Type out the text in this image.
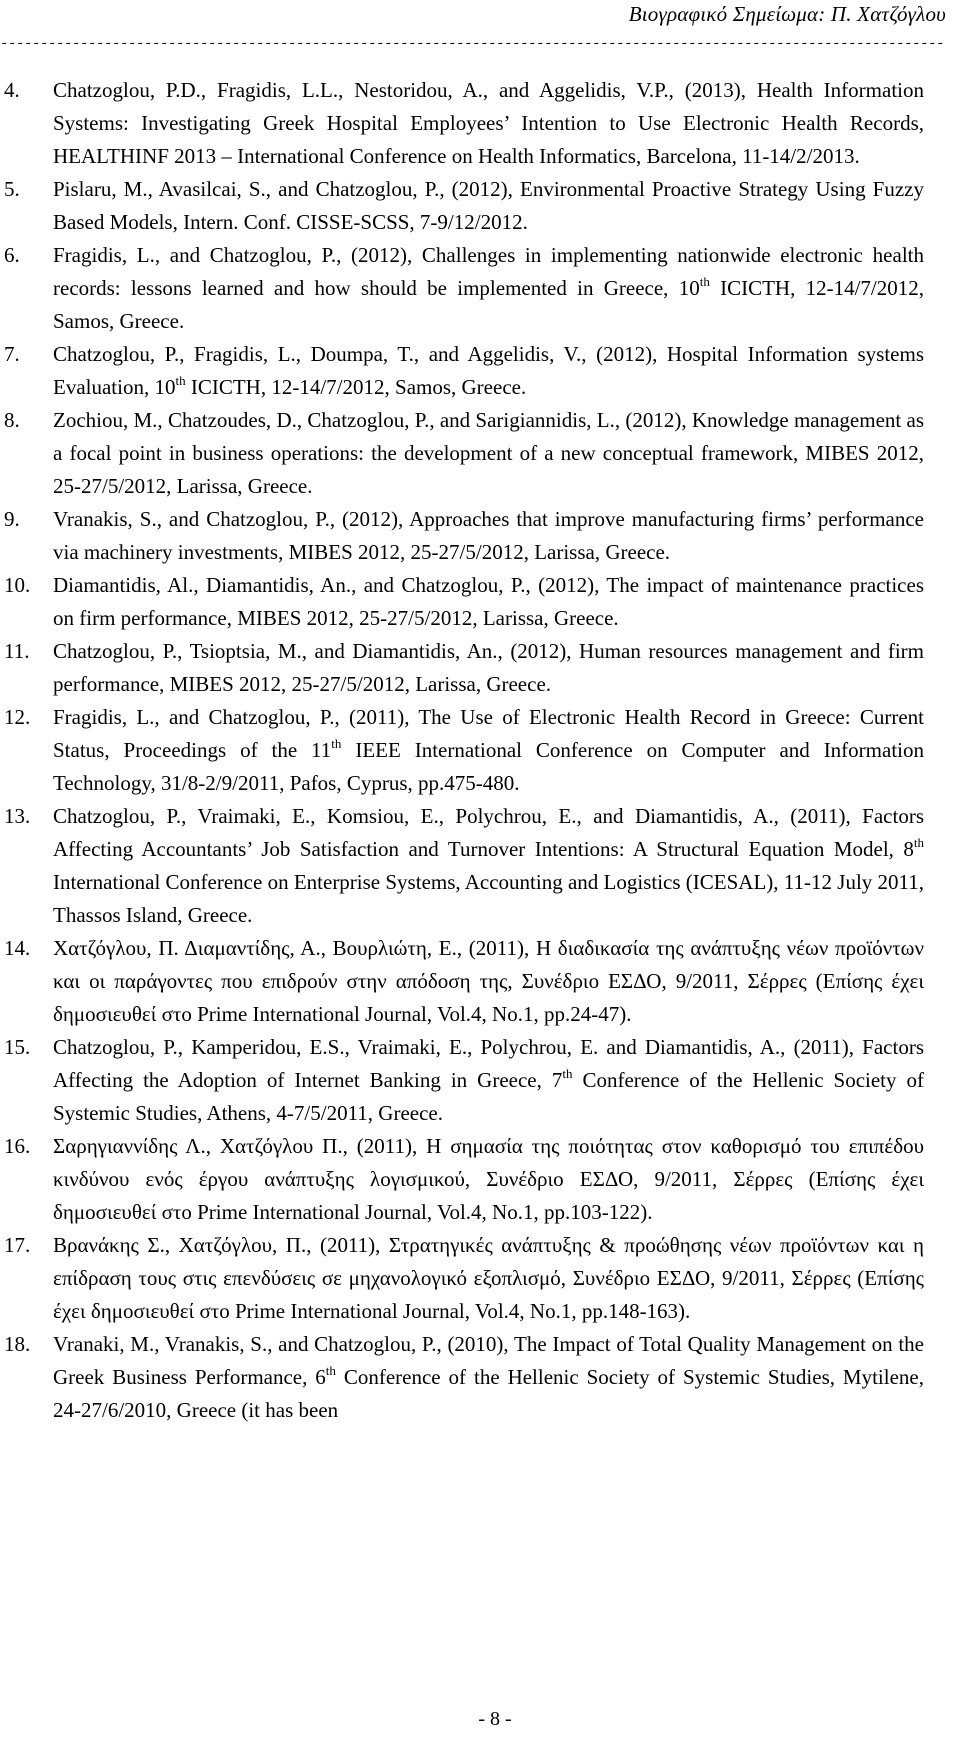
Βιογραφικό Σημείωμα: Π. Χατζόγλου
----------------------------------------------------------------------------------------------------------------------
4. Chatzoglou, P.D., Fragidis, L.L., Nestoridou, A., and Aggelidis, V.P., (2013), Health Information Systems: Investigating Greek Hospital Employees’ Intention to Use Electronic Health Records, HEALTHINF 2013 – International Conference on Health Informatics, Barcelona, 11-14/2/2013.
5. Pislaru, M., Avasilcai, S., and Chatzoglou, P., (2012), Environmental Proactive Strategy Using Fuzzy Based Models, Intern. Conf. CISSE-SCSS, 7-9/12/2012.
6. Fragidis, L., and Chatzoglou, P., (2012), Challenges in implementing nationwide electronic health records: lessons learned and how should be implemented in Greece, 10th ICICTH, 12-14/7/2012, Samos, Greece.
7. Chatzoglou, P., Fragidis, L., Doumpa, T., and Aggelidis, V., (2012), Hospital Information systems Evaluation, 10th ICICTH, 12-14/7/2012, Samos, Greece.
8. Zochiou, M., Chatzoudes, D., Chatzoglou, P., and Sarigiannidis, L., (2012), Knowledge management as a focal point in business operations: the development of a new conceptual framework, MIBES 2012, 25-27/5/2012, Larissa, Greece.
9. Vranakis, S., and Chatzoglou, P., (2012), Approaches that improve manufacturing firms’ performance via machinery investments, MIBES 2012, 25-27/5/2012, Larissa, Greece.
10. Diamantidis, Al., Diamantidis, An., and Chatzoglou, P., (2012), The impact of maintenance practices on firm performance, MIBES 2012, 25-27/5/2012, Larissa, Greece.
11. Chatzoglou, P., Tsioptsia, M., and Diamantidis, An., (2012), Human resources management and firm performance, MIBES 2012, 25-27/5/2012, Larissa, Greece.
12. Fragidis, L., and Chatzoglou, P., (2011), The Use of Electronic Health Record in Greece: Current Status, Proceedings of the 11th IEEE International Conference on Computer and Information Technology, 31/8-2/9/2011, Pafos, Cyprus, pp.475-480.
13. Chatzoglou, P., Vraimaki, E., Komsiou, E., Polychrou, E., and Diamantidis, A., (2011), Factors Affecting Accountants’ Job Satisfaction and Turnover Intentions: A Structural Equation Model, 8th International Conference on Enterprise Systems, Accounting and Logistics (ICESAL), 11-12 July 2011, Thassos Island, Greece.
14. Χατζόγλου, Π. Διαμαντίδης, Α., Βουρλιώτη, Ε., (2011), Η διαδικασία της ανάπτυξης νέων προϊόντων και οι παράγοντες που επιδρούν στην απόδοση της, Συνέδριο ΕΣΔΟ, 9/2011, Σέρρες (Επίσης έχει δημοσιευθεί στο Prime International Journal, Vol.4, No.1, pp.24-47).
15. Chatzoglou, P., Kamperidou, E.S., Vraimaki, E., Polychrou, E. and Diamantidis, A., (2011), Factors Affecting the Adoption of Internet Banking in Greece, 7th Conference of the Hellenic Society of Systemic Studies, Athens, 4-7/5/2011, Greece.
16. Σαρηγιαννίδης Λ., Χατζόγλου Π., (2011), Η σημασία της ποιότητας στον καθορισμό του επιπέδου κινδύνου ενός έργου ανάπτυξης λογισμικού, Συνέδριο ΕΣΔΟ, 9/2011, Σέρρες (Επίσης έχει δημοσιευθεί στο Prime International Journal, Vol.4, No.1, pp.103-122).
17. Βρανάκης Σ., Χατζόγλου, Π., (2011), Στρατηγικές ανάπτυξης & προώθησης νέων προϊόντων και η επίδραση τους στις επενδύσεις σε μηχανολογικό εξοπλισμό, Συνέδριο ΕΣΔΟ, 9/2011, Σέρρες (Επίσης έχει δημοσιευθεί στο Prime International Journal, Vol.4, No.1, pp.148-163).
18. Vranaki, M., Vranakis, S., and Chatzoglou, P., (2010), The Impact of Total Quality Management on the Greek Business Performance, 6th Conference of the Hellenic Society of Systemic Studies, Mytilene, 24-27/6/2010, Greece (it has been
- 8 -
